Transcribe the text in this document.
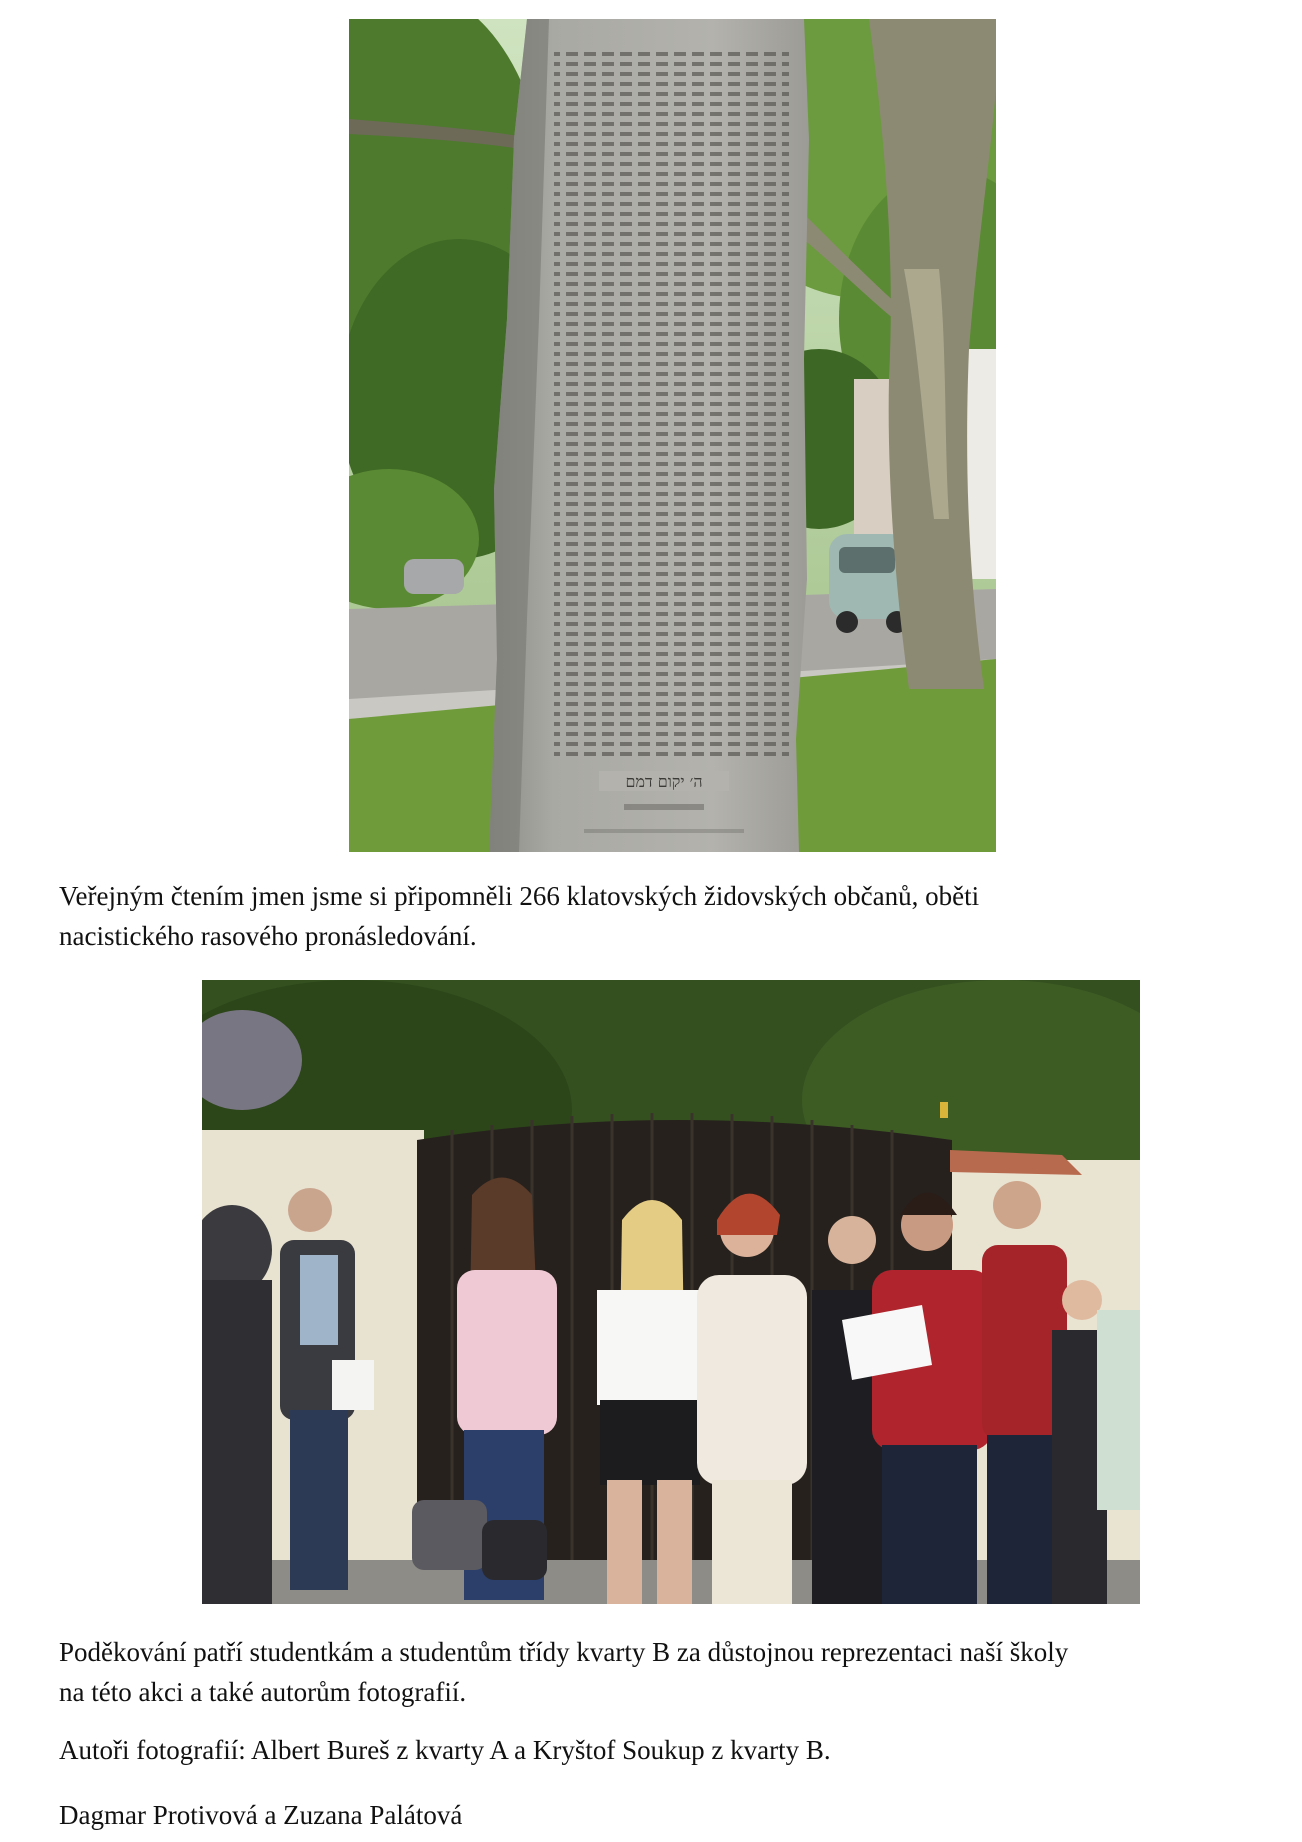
ה׳ יקום דמם

Veřejným čtením jmen jsme si připomněli 266 klatovských židovských občanů, oběti
nacistického rasového pronásledování.

Poděkování patří studentkám a studentům třídy kvarty B za důstojnou reprezentaci naší školy
na této akci a také autorům fotografií.

Autoři fotografií: Albert Bureš z kvarty A a Kryštof Soukup z kvarty B.

Dagmar Protivová a Zuzana Palátová
